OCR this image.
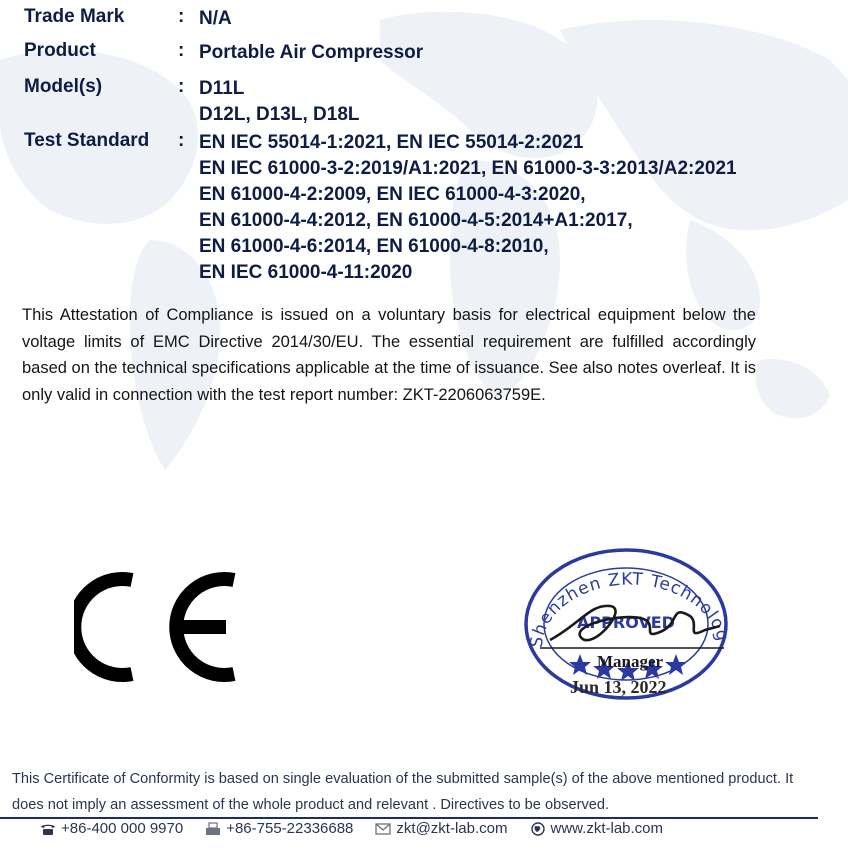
Trade Mark	: N/A
Product	: Portable Air Compressor
Model(s)	: D11L
D12L, D13L, D18L
Test Standard	: EN IEC 55014-1:2021, EN IEC 55014-2:2021
EN IEC 61000-3-2:2019/A1:2021, EN 61000-3-3:2013/A2:2021
EN 61000-4-2:2009, EN IEC 61000-4-3:2020,
EN 61000-4-4:2012, EN 61000-4-5:2014+A1:2017,
EN 61000-4-6:2014, EN 61000-4-8:2010,
EN IEC 61000-4-11:2020

This Attestation of Compliance is issued on a voluntary basis for electrical equipment below the voltage limits of EMC Directive 2014/30/EU. The essential requirement are fulfilled accordingly based on the technical specifications applicable at the time of issuance. See also notes overleaf. It is only valid in connection with the test report number: ZKT-2206063759E.

Shenzhen ZKT Technolog
APPROVED
Manager
Jun 13, 2022

This Certificate of Conformity is based on single evaluation of the submitted sample(s) of the above mentioned product. It does not imply an assessment of the whole product and relevant . Directives to be observed.

+86-400 000 9970	+86-755-22336688	zkt@zkt-lab.com	www.zkt-lab.com
